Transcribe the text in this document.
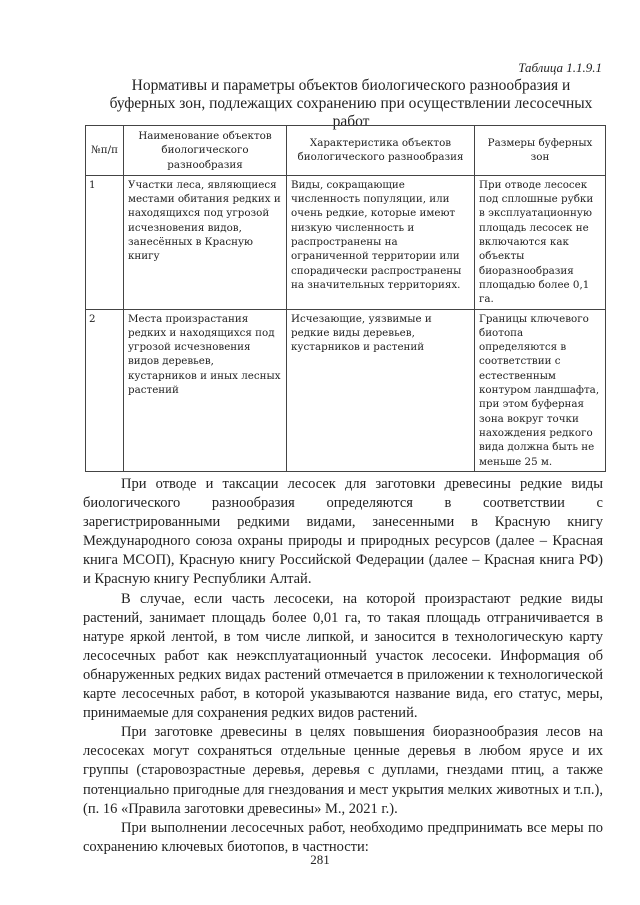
Таблица 1.1.9.1
Нормативы и параметры объектов биологического разнообразия и буферных зон, подлежащих сохранению при осуществлении лесосечных работ
№п/п	Наименование объектов биологического разнообразия	Характеристика объектов биологического разнообразия	Размеры буферных зон
1	Участки леса, являющиеся местами обитания редких и находящихся под угрозой исчезновения видов, занесённых в Красную книгу	Виды, сокращающие численность популяции, или очень редкие, которые имеют низкую численность и распространены на ограниченной территории или спорадически распространены на значительных территориях.	При отводе лесосек под сплошные рубки в эксплуатационную площадь лесосек не включаются как объекты биоразнообразия площадью более 0,1 га.
2	Места произрастания редких и находящихся под угрозой исчезновения видов деревьев, кустарников и иных лесных растений	Исчезающие, уязвимые и редкие виды деревьев, кустарников и растений	Границы ключевого биотопа определяются в соответствии с естественным контуром ландшафта, при этом буферная зона вокруг точки нахождения редкого вида должна быть не меньше 25 м.

При отводе и таксации лесосек для заготовки древесины редкие виды биологического разнообразия определяются в соответствии с зарегистрированными редкими видами, занесенными в Красную книгу Международного союза охраны природы и природных ресурсов (далее – Красная книга МСОП), Красную книгу Российской Федерации (далее – Красная книга РФ) и Красную книгу Республики Алтай.

В случае, если часть лесосеки, на которой произрастают редкие виды растений, занимает площадь более 0,01 га, то такая площадь отграничивается в натуре яркой лентой, в том числе липкой, и заносится в технологическую карту лесосечных работ как неэксплуатационный участок лесосеки. Информация об обнаруженных редких видах растений отмечается в приложении к технологической карте лесосечных работ, в которой указываются название вида, его статус, меры, принимаемые для сохранения редких видов растений.

При заготовке древесины в целях повышения биоразнообразия лесов на лесосеках могут сохраняться отдельные ценные деревья в любом ярусе и их группы (старовозрастные деревья, деревья с дуплами, гнездами птиц, а также потенциально пригодные для гнездования и мест укрытия мелких животных и т.п.), (п. 16 «Правила заготовки древесины» М., 2021 г.).

При выполнении лесосечных работ, необходимо предпринимать все меры по сохранению ключевых биотопов, в частности:

281
